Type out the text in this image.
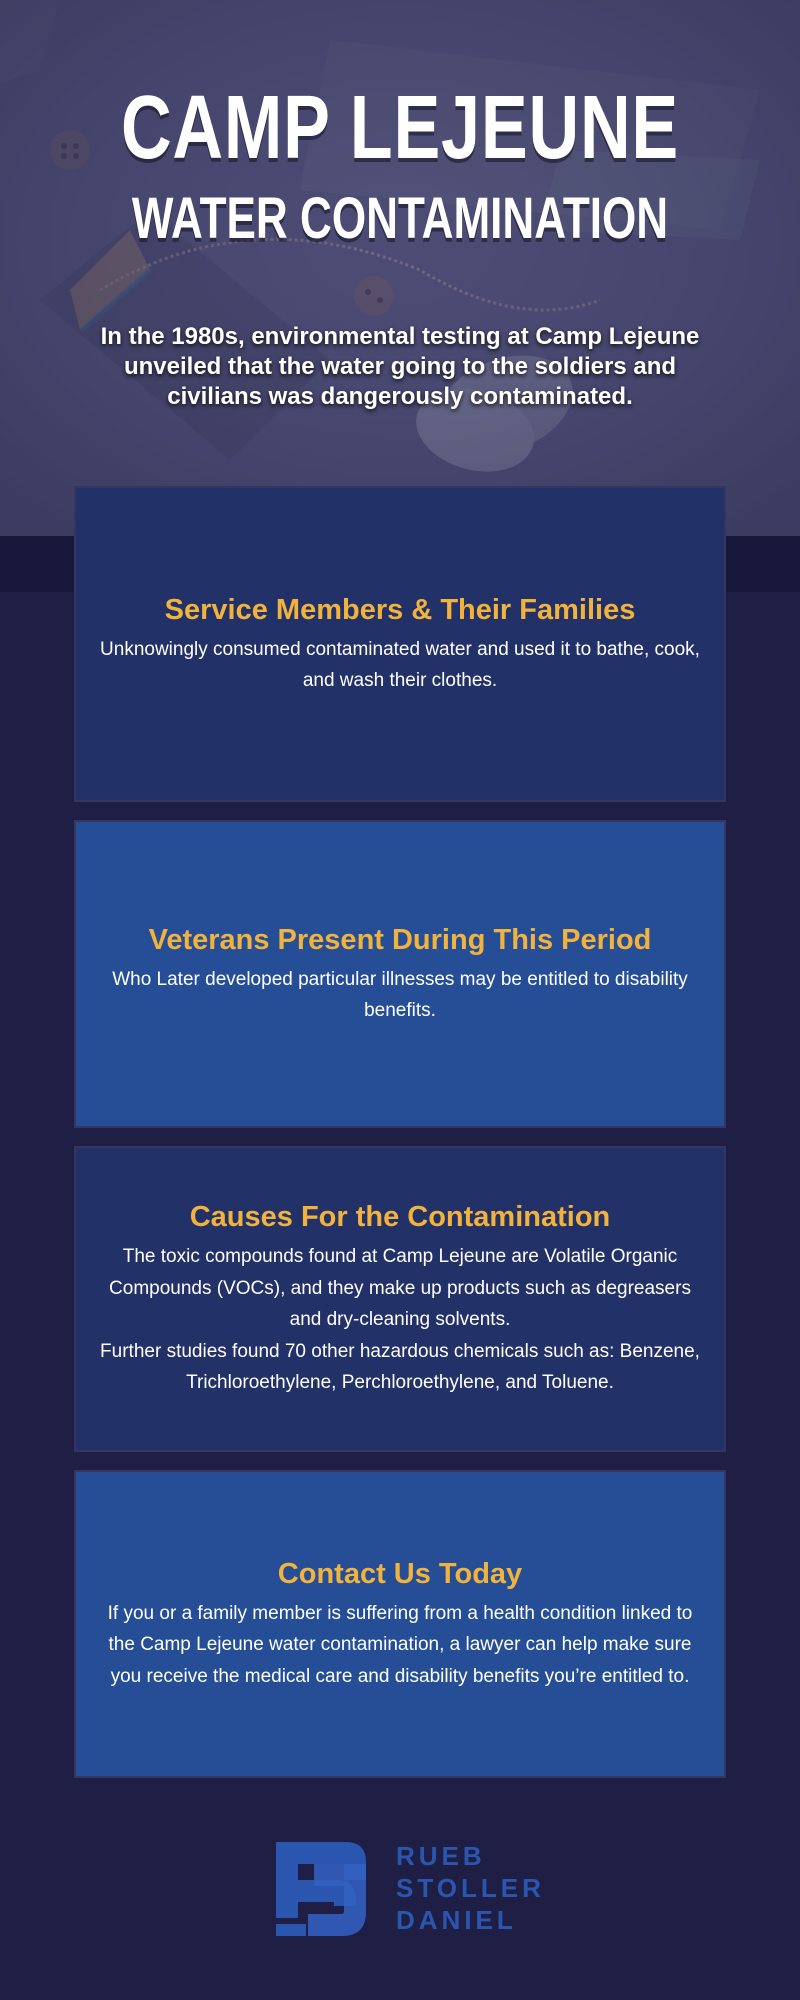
CAMP LEJEUNE
WATER CONTAMINATION
In the 1980s, environmental testing at Camp Lejeune unveiled that the water going to the soldiers and civilians was dangerously contaminated.
Service Members & Their Families

Unknowingly consumed contaminated water and used it to bathe, cook, and wash their clothes.

Veterans Present During This Period

Who Later developed particular illnesses may be entitled to disability benefits.

Causes For the Contamination

The toxic compounds found at Camp Lejeune are Volatile Organic Compounds (VOCs), and they make up products such as degreasers and dry-cleaning solvents.

Further studies found 70 other hazardous chemicals such as: Benzene, Trichloroethylene, Perchloroethylene, and Toluene.

Contact Us Today

If you or a family member is suffering from a health condition linked to the Camp Lejeune water contamination, a lawyer can help make sure you receive the medical care and disability benefits you’re entitled to.

RUEB
STOLLER
DANIEL
